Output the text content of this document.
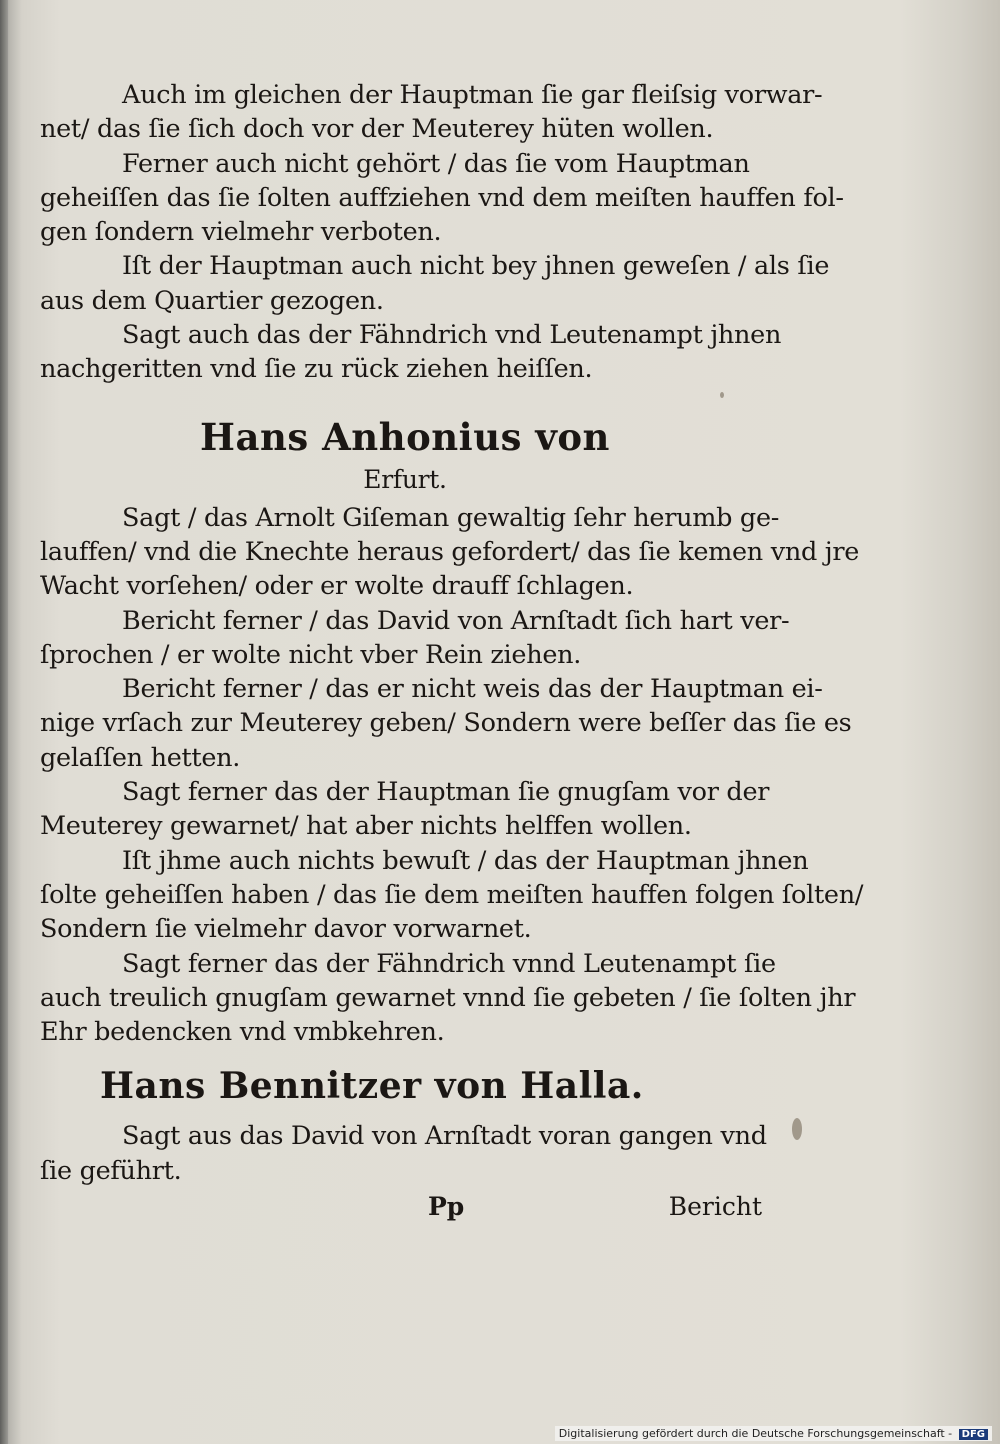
Auch im gleichen der Hauptman ſie gar fleiſsig vorwar-
net/ das ſie ſich doch vor der Meuterey hüten wollen.
Ferner auch nicht gehört / das ſie vom Hauptman
geheiſſen das ſie ſolten auffziehen vnd dem meiſten hauffen fol-
gen ſondern vielmehr verboten.
Iſt der Hauptman auch nicht bey jhnen geweſen / als ſie
aus dem Quartier gezogen.
Sagt auch das der Fähndrich vnd Leutenampt jhnen
nachgeritten vnd ſie zu rück ziehen heiſſen.
Hans Anhonius von
Erfurt.
Sagt / das Arnolt Giſeman gewaltig ſehr herumb ge-
lauffen/ vnd die Knechte heraus gefordert/ das ſie kemen vnd jre
Wacht vorſehen/ oder er wolte drauff ſchlagen.
Bericht ferner / das David von Arnſtadt ſich hart ver-
ſprochen / er wolte nicht vber Rein ziehen.
Bericht ferner / das er nicht weis das der Hauptman ei-
nige vrſach zur Meuterey geben/ Sondern were beſſer das ſie es
gelaſſen hetten.
Sagt ferner das der Hauptman ſie gnugſam vor der
Meuterey gewarnet/ hat aber nichts helffen wollen.
Iſt jhme auch nichts bewuſt / das der Hauptman jhnen
ſolte geheiſſen haben / das ſie dem meiſten hauffen folgen ſolten/
Sondern ſie vielmehr davor vorwarnet.
Sagt ferner das der Fähndrich vnnd Leutenampt ſie
auch treulich gnugſam gewarnet vnnd ſie gebeten / ſie ſolten jhr
Ehr bedencken vnd vmbkehren.
Hans Bennitzer von Halla.
Sagt aus das David von Arnſtadt voran gangen vnd
ſie geführt.
Pp	Bericht
Digitalisierung gefördert durch die Deutsche Forschungsgemeinschaft - DFG
